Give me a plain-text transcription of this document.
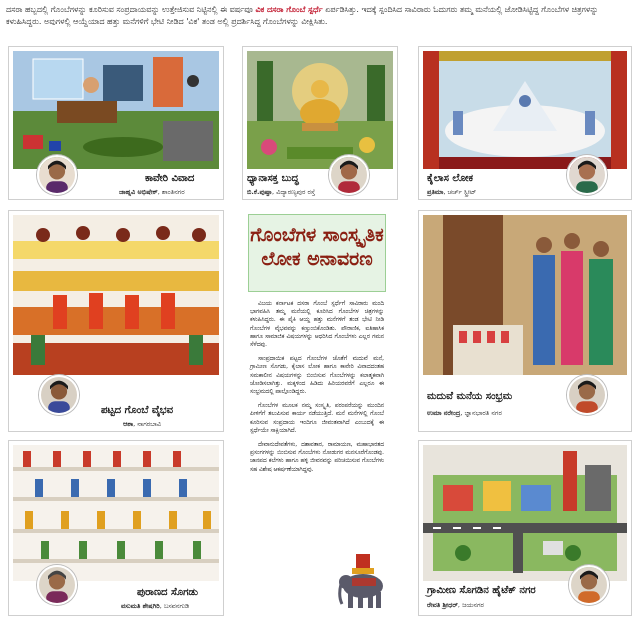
ದಸರಾ ಹಬ್ಬದಲ್ಲಿ ಗೊಂಬೆಗಳನ್ನು ಕೂರಿಸುವ ಸಂಪ್ರದಾಯವನ್ನು ಉತ್ತೇಜಿಸುವ ನಿಟ್ಟಿನಲ್ಲಿ ಈ ವರ್ಷವೂ ವಿಕ ದಸರಾ ಗೊಂಬೆ ಸ್ಪರ್ಧೆ ಏರ್ಪಡಿಸಿತ್ತು. ಇದಕ್ಕೆ ಸ್ಪಂದಿಸಿದ ಸಾವಿರಾರು ಓದುಗರು ತಮ್ಮ ಮನೆಯಲ್ಲಿ ಜೋಡಿಸಿಟ್ಟಿದ್ದ ಗೊಂಬೆಗಳ ಚಿತ್ರಗಳನ್ನು ಕಳುಹಿಸಿದ್ದರು. ಅವುಗಳಲ್ಲಿ ಆಯ್ದೆಯಾದ ಹತ್ತು ಮನೆಗಳಿಗೆ ಭೇಟಿ ನೀಡಿದ 'ವಿಕ' ತಂಡ ಅಲ್ಲಿ ಪ್ರದರ್ಶಿಸಿದ್ದ ಗೊಂಬೆಗಳನ್ನು ವೀಕ್ಷಿಸಿತು.
ಕಾವೇರಿ ವಿವಾದ
ಜಾಹ್ನವಿ ಅಭಿಷೇಕ್, ಶಾಂತಿನಗರ
ಧ್ಯಾನಾಸಕ್ತ ಬುದ್ಧ
ಬಿ.ಕೆ.ಪುಷ್ಪಾ, ವಿದ್ಯಾರಣ್ಯಪುರ ರಸ್ತೆ
ಕೈಲಾಸ ಲೋಕ
ಪ್ರತಿಮಾ, ಚರ್ಚ್ ಸ್ಟ್ರೀಟ್
ಗೊಂಬೆಗಳ ಸಾಂಸ್ಕೃತಿಕ ಲೋಕ ಅನಾವರಣ

ವಿಜಯ ಕರ್ನಾಟಕ ದಸರಾ ಗೊಂಬೆ ಸ್ಪರ್ಧೆಗೆ ಸಾವಿರಾರು ಮಂದಿ ಭಾಗವಹಿಸಿ ತಮ್ಮ ಮನೆಯಲ್ಲಿ ಕೂರಿಸಿದ ಗೊಂಬೆಗಳ ಚಿತ್ರಗಳನ್ನು ಕಳುಹಿಸಿದ್ದರು. ಈ ಪೈಕಿ ಆಯ್ದ ಹತ್ತು ಮನೆಗಳಿಗೆ ತಂಡ ಭೇಟಿ ನೀಡಿ ಗೊಂಬೆಗಳ ವೈಭವವನ್ನು ಕಣ್ತುಂಬಿಕೊಂಡಿತು. ಪೌರಾಣಿಕ, ಐತಿಹಾಸಿಕ ಹಾಗೂ ಸಾಮಾಜಿಕ ವಿಷಯಗಳನ್ನು ಆಧರಿಸಿದ ಗೊಂಬೆಗಳು ಎಲ್ಲರ ಗಮನ ಸೆಳೆದವು.

ಸಾಂಪ್ರದಾಯಿಕ ಪಟ್ಟದ ಗೊಂಬೆಗಳ ಜೊತೆಗೆ ಮದುವೆ ಮನೆ, ಗ್ರಾಮೀಣ ಸೊಗಡು, ಕೈಲಾಸ ಲೋಕ ಹಾಗೂ ಕಾವೇರಿ ವಿವಾದದಂತಹ ಸಮಕಾಲೀನ ವಿಷಯಗಳನ್ನು ಬಿಂಬಿಸುವ ಗೊಂಬೆಗಳನ್ನು ಕಲಾತ್ಮಕವಾಗಿ ಜೋಡಿಸಲಾಗಿತ್ತು. ಮಕ್ಕಳಿಂದ ಹಿಡಿದು ಹಿರಿಯರವರೆಗೆ ಎಲ್ಲರೂ ಈ ಸಂಭ್ರಮದಲ್ಲಿ ಪಾಲ್ಗೊಂಡಿದ್ದರು.

ಗೊಂಬೆಗಳ ಮೂಲಕ ನಮ್ಮ ಸಂಸ್ಕೃತಿ, ಪರಂಪರೆಯನ್ನು ಮುಂದಿನ ಪೀಳಿಗೆಗೆ ತಲುಪಿಸುವ ಕಾರ್ಯ ನಡೆಯುತ್ತಿದೆ. ಮನೆ ಮನೆಗಳಲ್ಲಿ ಗೊಂಬೆ ಕೂರಿಸುವ ಸಂಪ್ರದಾಯ ಇಂದಿಗೂ ಜೀವಂತವಾಗಿದೆ ಎಂಬುದಕ್ಕೆ ಈ ಸ್ಪರ್ಧೆಯೇ ಸಾಕ್ಷಿಯಾಗಿದೆ.

ದೇವಾನುದೇವತೆಗಳು, ದಶಾವತಾರ, ರಾಮಾಯಣ, ಮಹಾಭಾರತದ ಪ್ರಸಂಗಗಳನ್ನು ಬಿಂಬಿಸುವ ಗೊಂಬೆಗಳು ನೋಡುಗರ ಮನಸೂರೆಗೊಂಡವು. ಜಾನಪದ ಕಲೆಗಳು ಹಾಗೂ ಹಳ್ಳಿ ಜೀವನವನ್ನು ಪರಿಚಯಿಸುವ ಗೊಂಬೆಗಳು ಸಹ ವಿಶೇಷ ಆಕರ್ಷಣೆಯಾಗಿದ್ದವು.

ಪಟ್ಟದ ಗೊಂಬೆ ವೈಭವ
ಆಶಾ, ನಾಗರಬಾವಿ
ಮದುವೆ ಮನೆಯ ಸಂಭ್ರಮ
ಉಮಾ ನರೇಂದ್ರ, ಜ್ಞಾನಭಾರತಿ ನಗರ
ಪುರಾಣದ ಸೊಗಡು
ವಸುಮತಿ ಶೇಷಗಿರಿ, ಬಸವನಗುಡಿ
ಗ್ರಾಮೀಣ ಸೊಗಡಿನ ಹೈಟೆಕ್ ನಗರ
ರೇವತಿ ಶ್ರೀಧರ್, ಜಯನಗರ
